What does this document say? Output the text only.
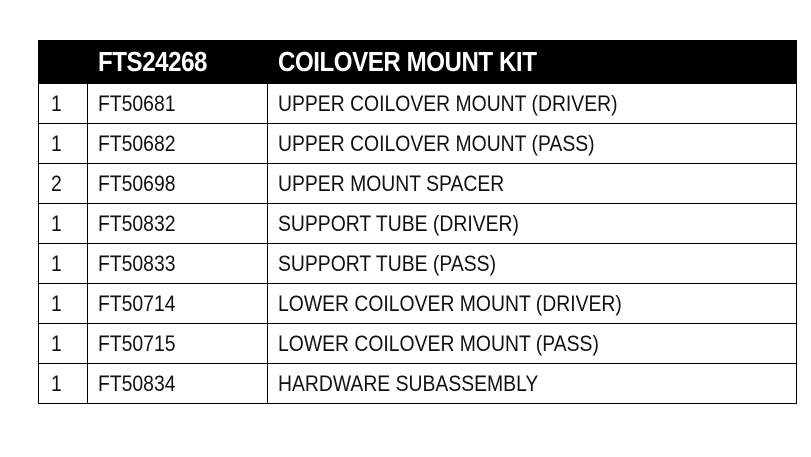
	FTS24268	COILOVER MOUNT KIT
1	FT50681	UPPER COILOVER MOUNT (DRIVER)
1	FT50682	UPPER COILOVER MOUNT (PASS)
2	FT50698	UPPER MOUNT SPACER
1	FT50832	SUPPORT TUBE (DRIVER)
1	FT50833	SUPPORT TUBE (PASS)
1	FT50714	LOWER COILOVER MOUNT (DRIVER)
1	FT50715	LOWER COILOVER MOUNT (PASS)
1	FT50834	HARDWARE SUBASSEMBLY
